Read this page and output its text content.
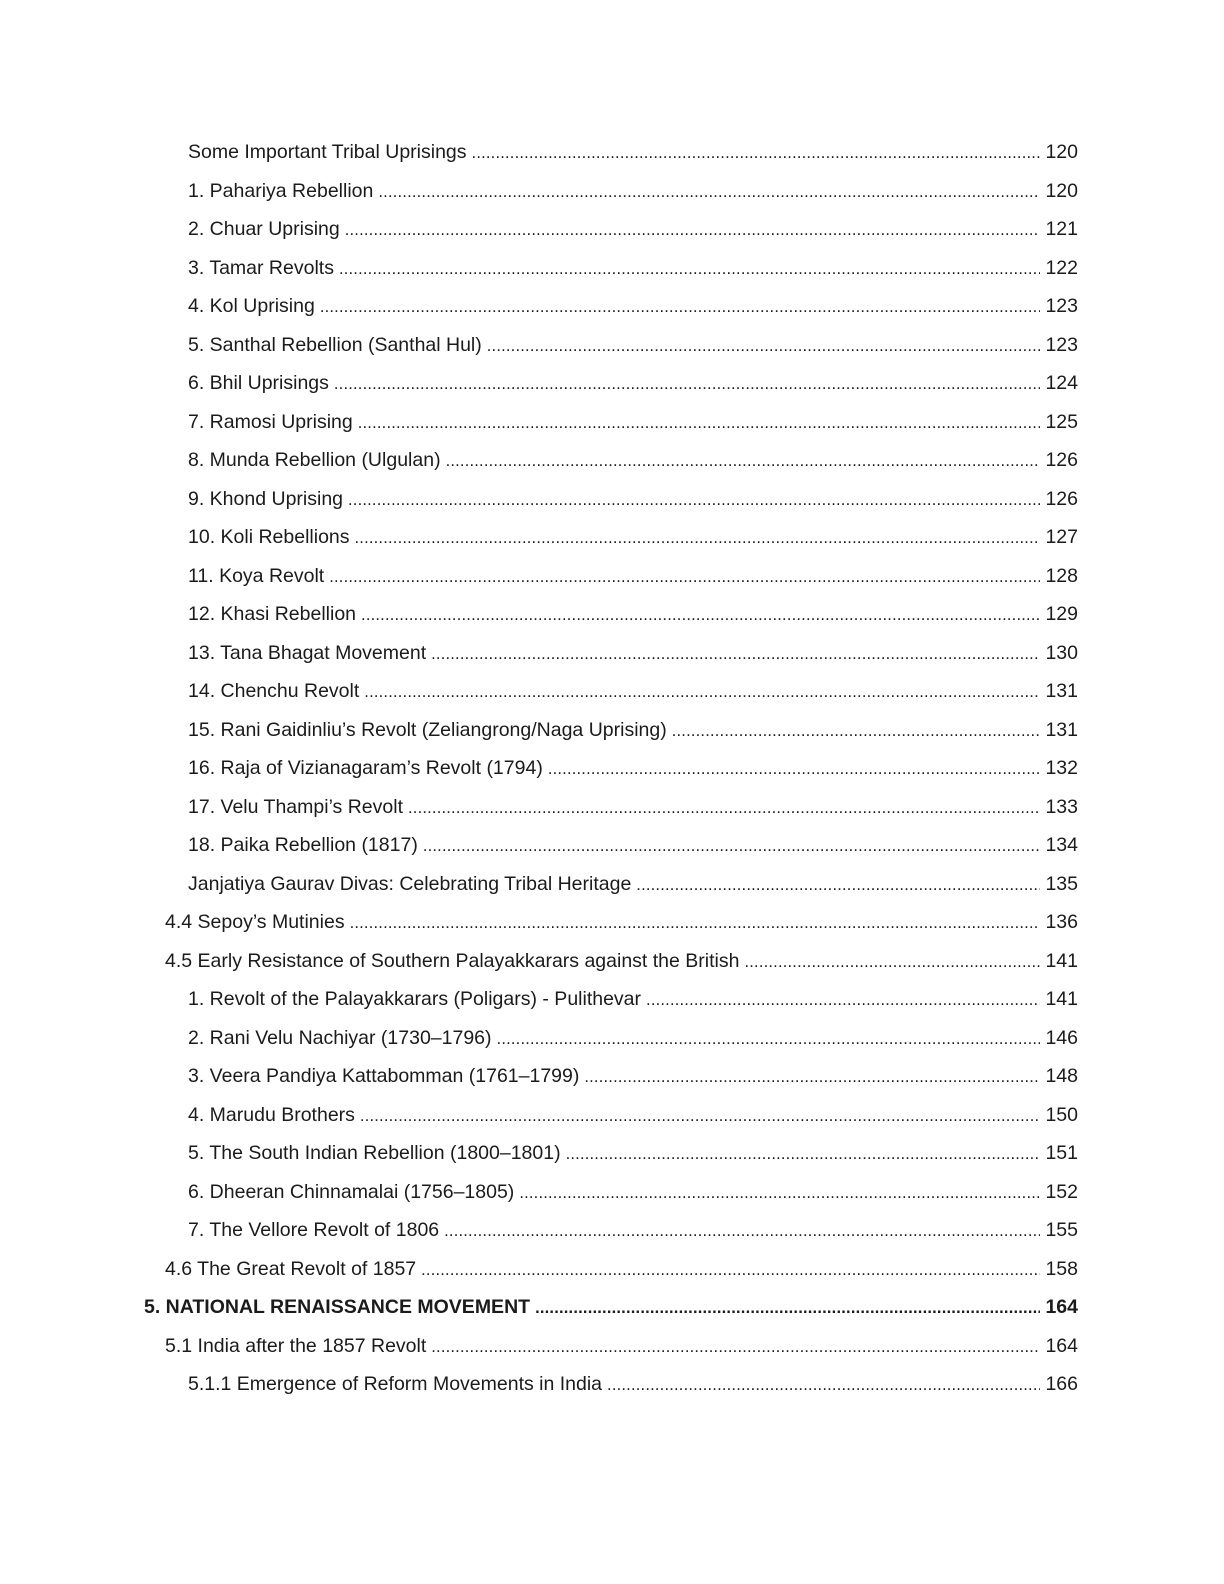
Some Important Tribal Uprisings .....	120
1. Pahariya Rebellion .....	120
2. Chuar Uprising .....	121
3. Tamar Revolts .....	122
4. Kol Uprising .....	123
5. Santhal Rebellion (Santhal Hul) .....	123
6. Bhil Uprisings .....	124
7. Ramosi Uprising .....	125
8. Munda Rebellion (Ulgulan) .....	126
9. Khond Uprising .....	126
10. Koli Rebellions .....	127
11. Koya Revolt .....	128
12. Khasi Rebellion .....	129
13. Tana Bhagat Movement .....	130
14. Chenchu Revolt .....	131
15. Rani Gaidinliu’s Revolt (Zeliangrong/Naga Uprising) .....	131
16. Raja of Vizianagaram’s Revolt (1794) .....	132
17. Velu Thampi’s Revolt .....	133
18. Paika Rebellion (1817) .....	134
Janjatiya Gaurav Divas: Celebrating Tribal Heritage .....	135
4.4 Sepoy’s Mutinies .....	136
4.5 Early Resistance of Southern Palayakkarars against the British .....	141
1. Revolt of the Palayakkarars (Poligars) - Pulithevar .....	141
2. Rani Velu Nachiyar (1730–1796) .....	146
3. Veera Pandiya Kattabomman (1761–1799) .....	148
4. Marudu Brothers .....	150
5. The South Indian Rebellion (1800–1801) .....	151
6. Dheeran Chinnamalai (1756–1805) .....	152
7. The Vellore Revolt of 1806 .....	155
4.6 The Great Revolt of 1857 .....	158
5. NATIONAL RENAISSANCE MOVEMENT .....	164
5.1 India after the 1857 Revolt .....	164
5.1.1 Emergence of Reform Movements in India .....	166
